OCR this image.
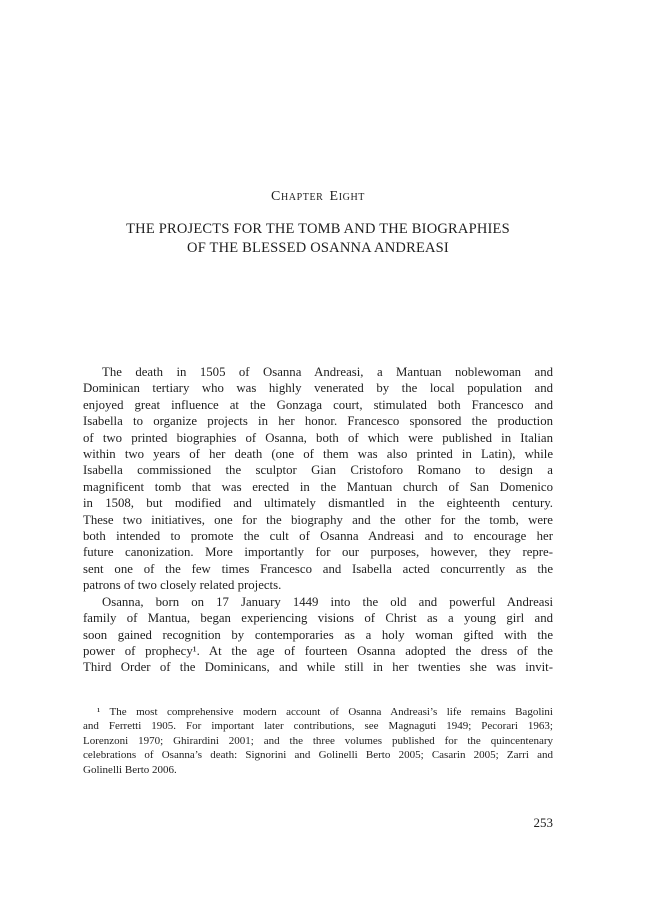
Chapter Eight
THE PROJECTS FOR THE TOMB AND THE BIOGRAPHIES
OF THE BLESSED OSANNA ANDREASI
The death in 1505 of Osanna Andreasi, a Mantuan noblewoman and
Dominican tertiary who was highly venerated by the local population and
enjoyed great influence at the Gonzaga court, stimulated both Francesco and
Isabella to organize projects in her honor. Francesco sponsored the production
of two printed biographies of Osanna, both of which were published in Italian
within two years of her death (one of them was also printed in Latin), while
Isabella commissioned the sculptor Gian Cristoforo Romano to design a
magnificent tomb that was erected in the Mantuan church of San Domenico
in 1508, but modified and ultimately dismantled in the eighteenth century.
These two initiatives, one for the biography and the other for the tomb, were
both intended to promote the cult of Osanna Andreasi and to encourage her
future canonization. More importantly for our purposes, however, they repre-
sent one of the few times Francesco and Isabella acted concurrently as the
patrons of two closely related projects.
Osanna, born on 17 January 1449 into the old and powerful Andreasi
family of Mantua, began experiencing visions of Christ as a young girl and
soon gained recognition by contemporaries as a holy woman gifted with the
power of prophecy¹. At the age of fourteen Osanna adopted the dress of the
Third Order of the Dominicans, and while still in her twenties she was invit-
¹ The most comprehensive modern account of Osanna Andreasi’s life remains Bagolini
and Ferretti 1905. For important later contributions, see Magnaguti 1949; Pecorari 1963;
Lorenzoni 1970; Ghirardini 2001; and the three volumes published for the quincentenary
celebrations of Osanna’s death: Signorini and Golinelli Berto 2005; Casarin 2005; Zarri and
Golinelli Berto 2006.
253
